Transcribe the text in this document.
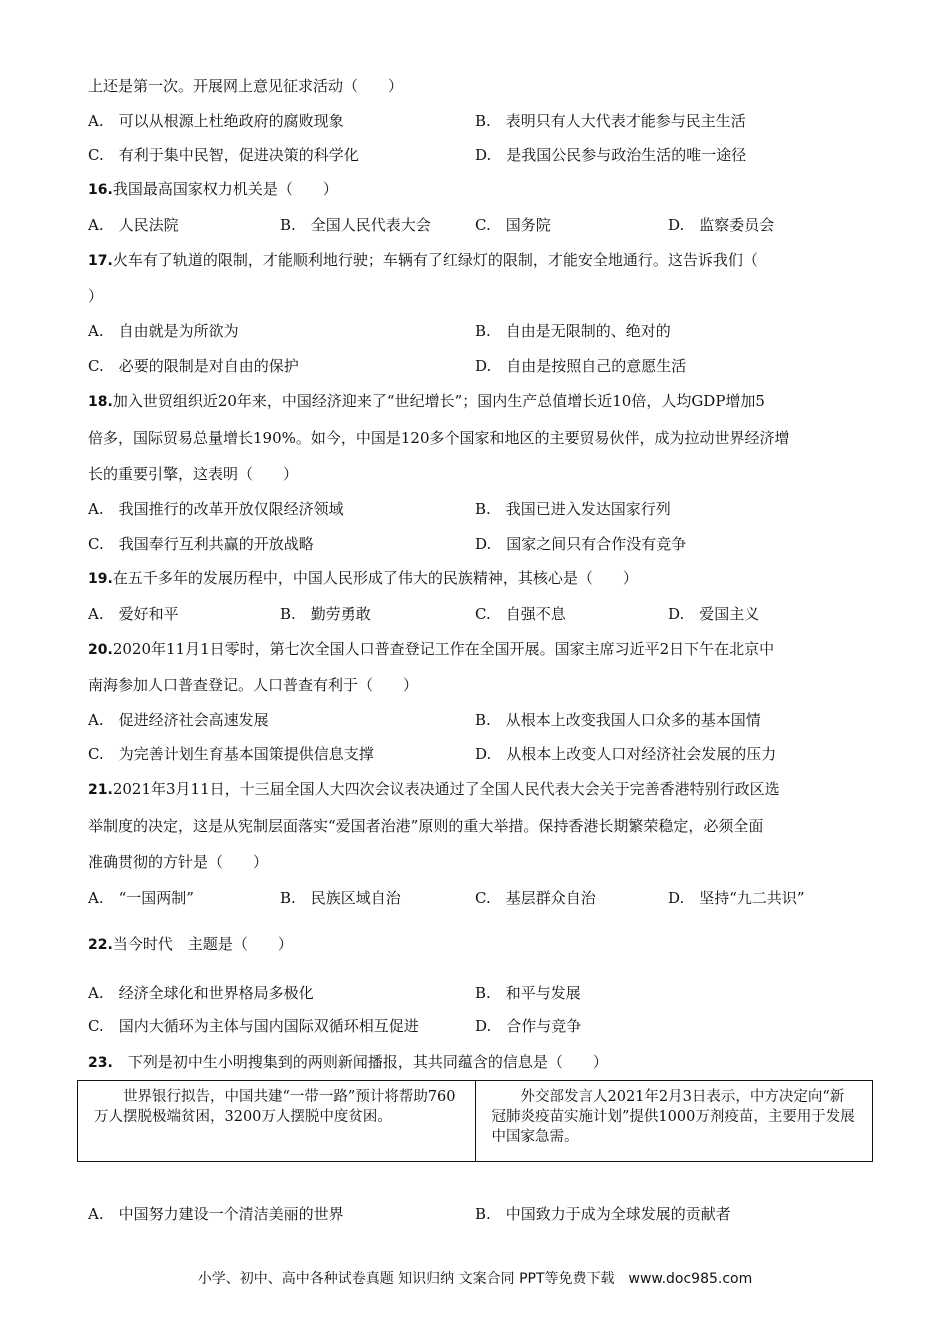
上还是第一次。开展网上意见征求活动（　　）
A.　可以从根源上杜绝政府的腐败现象	B.　表明只有人大代表才能参与民主生活
C.　有利于集中民智，促进决策的科学化	D.　是我国公民参与政治生活的唯一途径
16.我国最高国家权力机关是（　　）
A.　人民法院	B.　全国人民代表大会	C.　国务院	D.　监察委员会
17.火车有了轨道的限制，才能顺利地行驶；车辆有了红绿灯的限制，才能安全地通行。这告诉我们（
）
A.　自由就是为所欲为	B.　自由是无限制的、绝对的
C.　必要的限制是对自由的保护	D.　自由是按照自己的意愿生活
18.加入世贸组织近20年来，中国经济迎来了“世纪增长”；国内生产总值增长近10倍，人均GDP增加5
倍多，国际贸易总量增长190%。如今，中国是120多个国家和地区的主要贸易伙伴，成为拉动世界经济增
长的重要引擎，这表明（　　）
A.　我国推行的改革开放仅限经济领域	B.　我国已进入发达国家行列
C.　我国奉行互利共赢的开放战略	D.　国家之间只有合作没有竞争
19.在五千多年的发展历程中，中国人民形成了伟大的民族精神，其核心是（　　）
A.　爱好和平	B.　勤劳勇敢	C.　自强不息	D.　爱国主义
20.2020年11月1日零时，第七次全国人口普查登记工作在全国开展。国家主席习近平2日下午在北京中
南海参加人口普查登记。人口普查有利于（　　）
A.　促进经济社会高速发展	B.　从根本上改变我国人口众多的基本国情
C.　为完善计划生育基本国策提供信息支撑	D.　从根本上改变人口对经济社会发展的压力
21.2021年3月11日，十三届全国人大四次会议表决通过了全国人民代表大会关于完善香港特别行政区选
举制度的决定，这是从宪制层面落实“爱国者治港”原则的重大举措。保持香港长期繁荣稳定，必须全面
准确贯彻的方针是（　　）
A.　“一国两制”	B.　民族区域自治	C.　基层群众自治	D.　坚持“九二共识”
22.当今时代　主题是（　　）
A.　经济全球化和世界格局多极化	B.　和平与发展
C.　国内大循环为主体与国内国际双循环相互促进	D.　合作与竞争
23.　下列是初中生小明搜集到的两则新闻播报，其共同蕴含的信息是（　　）

世界银行拟告，中国共建“一带一路”预计将帮助760万人摆脱极端贫困，3200万人摆脱中度贫困。

外交部发言人2021年2月3日表示，中方决定向“新冠肺炎疫苗实施计划”提供1000万剂疫苗，主要用于发展中国家急需。

A.　中国努力建设一个清洁美丽的世界	B.　中国致力于成为全球发展的贡献者
小学、初中、高中各种试卷真题 知识归纳 文案合同 PPT等免费下载　www.doc985.com
